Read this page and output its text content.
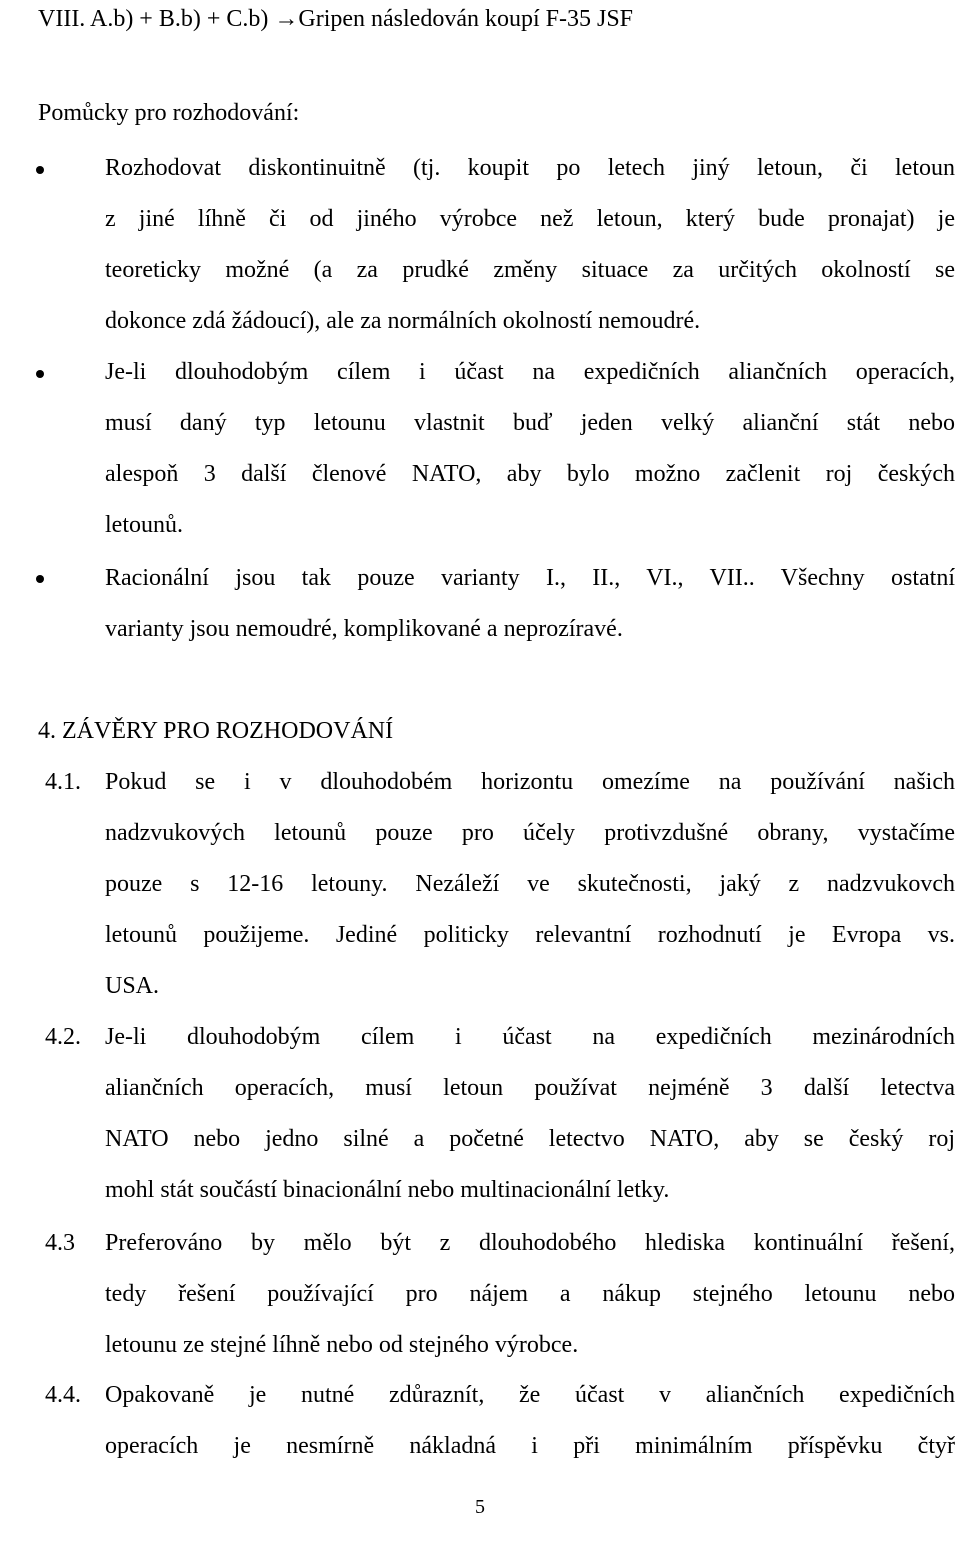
VIII. A.b) + B.b) + C.b) →Gripen následován koupí F-35 JSF
Pomůcky pro rozhodování:
Rozhodovat diskontinuitně (tj. koupit po letech jiný letoun, či letoun
z jiné líhně či od jiného výrobce než letoun, který bude pronajat) je
teoreticky možné (a za prudké změny situace za určitých okolností se
dokonce zdá žádoucí), ale za normálních okolností nemoudré.
Je-li dlouhodobým cílem i účast na expedičních aliančních operacích,
musí daný typ letounu vlastnit buď jeden velký alianční stát nebo
alespoň 3 další členové NATO, aby bylo možno začlenit roj českých
letounů.
Racionální jsou tak pouze varianty I., II., VI., VII.. Všechny ostatní
varianty jsou nemoudré, komplikované a neprozíravé.
4. ZÁVĚRY PRO ROZHODOVÁNÍ
4.1. Pokud se i v dlouhodobém horizontu omezíme na používání našich
nadzvukových letounů pouze pro účely protivzdušné obrany, vystačíme
pouze s 12-16 letouny. Nezáleží ve skutečnosti, jaký z nadzvukovch
letounů použijeme. Jediné politicky relevantní rozhodnutí je Evropa vs.
USA.
4.2. Je-li dlouhodobým cílem i účast na expedičních mezinárodních
aliančních operacích, musí letoun používat nejméně 3 další letectva
NATO nebo jedno silné a početné letectvo NATO, aby se český roj
mohl stát součástí binacionální nebo multinacionální letky.
4.3 Preferováno by mělo být z dlouhodobého hlediska kontinuální řešení,
tedy řešení používající pro nájem a nákup stejného letounu nebo
letounu ze stejné líhně nebo od stejného výrobce.
4.4. Opakovaně je nutné zdůraznít, že účast v aliančních expedičních
operacích je nesmírně nákladná i při minimálním příspěvku čtyř
5
